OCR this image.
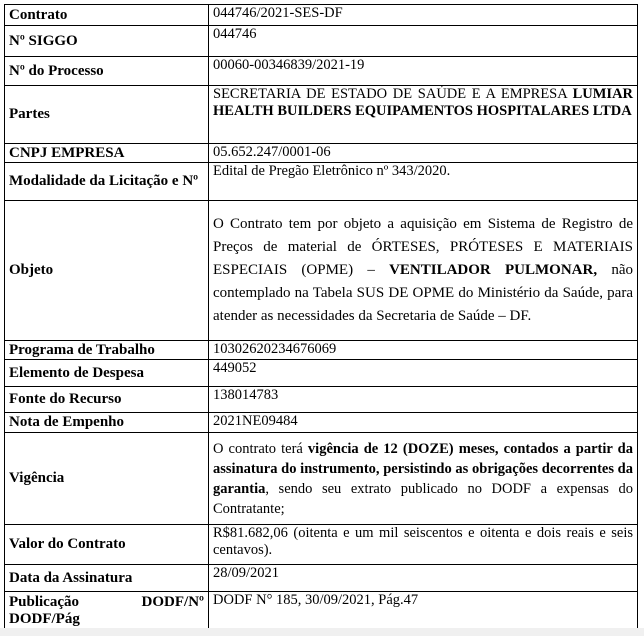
Contrato	044746/2021-SES-DF
Nº SIGGO	044746
Nº do Processo	00060-00346839/2021-19
Partes	SECRETARIA DE ESTADO DE SAÚDE E A EMPRESA LUMIAR HEALTH BUILDERS EQUIPAMENTOS HOSPITALARES LTDA
CNPJ EMPRESA	05.652.247/0001-06
Modalidade da Licitação e Nº	Edital de Pregão Eletrônico nº 343/2020.
Objeto	O Contrato tem por objeto a aquisição em Sistema de Registro de Preços de material de ÓRTESES, PRÓTESES E MATERIAIS ESPECIAIS (OPME) – VENTILADOR PULMONAR, não contemplado na Tabela SUS DE OPME do Ministério da Saúde, para atender as necessidades da Secretaria de Saúde – DF.
Programa de Trabalho	10302620234676069
Elemento de Despesa	449052
Fonte do Recurso	138014783
Nota de Empenho	2021NE09484
Vigência	O contrato terá vigência de 12 (DOZE) meses, contados a partir da assinatura do instrumento, persistindo as obrigações decorrentes da garantia, sendo seu extrato publicado no DODF a expensas do Contratante;
Valor do Contrato	R$81.682,06 (oitenta e um mil seiscentos e oitenta e dois reais e seis centavos).
Data da Assinatura	28/09/2021

Publicação DODF/Nº
DODF/Pág	DODF N° 185, 30/09/2021, Pág.47
